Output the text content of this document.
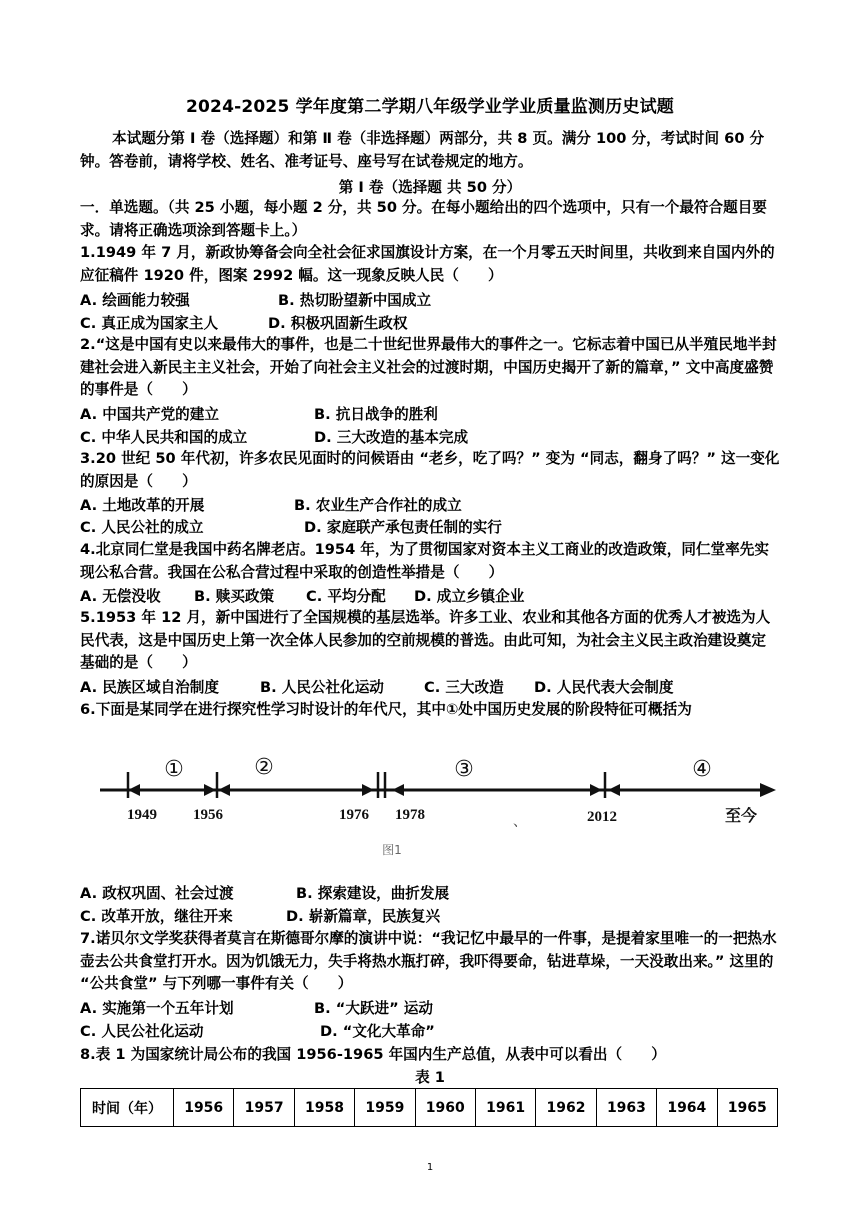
2024-2025 学年度第二学期八年级学业学业质量监测历史试题
本试题分第 Ⅰ 卷（选择题）和第 Ⅱ 卷（非选择题）两部分，共 8 页。满分 100 分，考试时间 60 分钟。答卷前，请将学校、姓名、准考证号、座号写在试卷规定的地方。
第 Ⅰ 卷（选择题 共 50 分）
一．单选题。（共 25 小题，每小题 2 分，共 50 分。在每小题给出的四个选项中，只有一个最符合题目要求。请将正确选项涂到答题卡上。）
1.1949 年 7 月，新政协筹备会向全社会征求国旗设计方案，在一个月零五天时间里，共收到来自国内外的应征稿件 1920 件，图案 2992 幅。这一现象反映人民（　　）
A. 绘画能力较强	B. 热切盼望新中国成立
C. 真正成为国家主人	D. 积极巩固新生政权
2.“这是中国有史以来最伟大的事件，也是二十世纪世界最伟大的事件之一。它标志着中国已从半殖民地半封建社会进入新民主主义社会，开始了向社会主义社会的过渡时期，中国历史揭开了新的篇章，” 文中高度盛赞的事件是（　　）
A. 中国共产党的建立	B. 抗日战争的胜利
C. 中华人民共和国的成立	D. 三大改造的基本完成
3.20 世纪 50 年代初，许多农民见面时的问候语由 “老乡，吃了吗？” 变为 “同志，翻身了吗？” 这一变化的原因是（　　）
A. 土地改革的开展	B. 农业生产合作社的成立
C. 人民公社的成立	D. 家庭联产承包责任制的实行
4.北京同仁堂是我国中药名牌老店。1954 年，为了贯彻国家对资本主义工商业的改造政策，同仁堂率先实现公私合营。我国在公私合营过程中采取的创造性举措是（　　）
A. 无偿没收 B. 赎买政策 C. 平均分配 D. 成立乡镇企业
5.1953 年 12 月，新中国进行了全国规模的基层选举。许多工业、农业和其他各方面的优秀人才被选为人民代表，这是中国历史上第一次全体人民参加的空前规模的普选。由此可知，为社会主义民主政治建设奠定基础的是（　　）
A. 民族区域自治制度	B. 人民公社化运动	C. 三大改造 D. 人民代表大会制度
6.下面是某同学在进行探究性学习时设计的年代尺，其中①处中国历史发展的阶段特征可概括为
①	②	③	④
1949 1956	1976 1978	2012	至今
、
图1
A. 政权巩固、社会过渡	B. 探索建设，曲折发展
C. 改革开放，继往开来	D. 崭新篇章，民族复兴
7.诺贝尔文学奖获得者莫言在斯德哥尔摩的演讲中说：“我记忆中最早的一件事，是提着家里唯一的一把热水壶去公共食堂打开水。因为饥饿无力，失手将热水瓶打碎，我吓得要命，钻进草垛，一天没敢出来。” 这里的 “公共食堂” 与下列哪一事件有关（　　）
A. 实施第一个五年计划	B. “大跃进” 运动
C. 人民公社化运动	D. “文化大革命”
8.表 1 为国家统计局公布的我国 1956-1965 年国内生产总值，从表中可以看出（　　）
表 1
时间（年）	1956	1957	1958	1959	1960	1961	1962	1963	1964	1965
1
